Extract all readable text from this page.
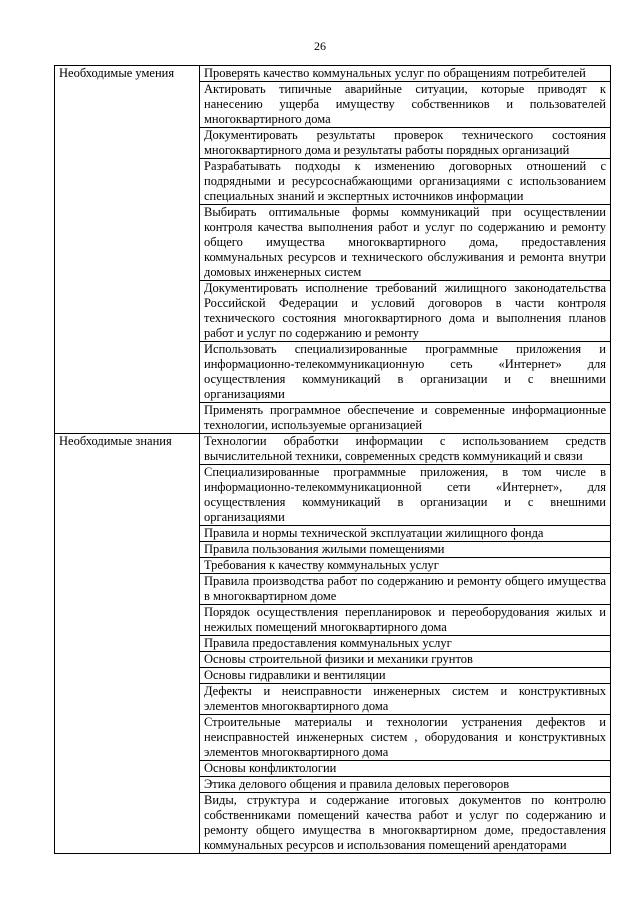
26
Необходимые умения	Проверять качество коммунальных услуг по обращениям потребителей
	Актировать типичные аварийные ситуации, которые приводят к нанесению ущерба имуществу собственников и пользователей многоквартирного дома
	Документировать результаты проверок технического состояния многоквартирного дома и результаты работы порядных организаций
	Разрабатывать подходы к изменению договорных отношений с подрядными и ресурсоснабжающими организациями с использованием специальных знаний и экспертных источников информации
	Выбирать оптимальные формы коммуникаций при осуществлении контроля качества выполнения работ и услуг по содержанию и ремонту общего имущества многоквартирного дома, предоставления коммунальных ресурсов и технического обслуживания и ремонта внутри домовых инженерных систем
	Документировать исполнение требований жилищного законодательства Российской Федерации и условий договоров в части контроля технического состояния многоквартирного дома и выполнения планов работ и услуг по содержанию и ремонту
	Использовать специализированные программные приложения и информационно-телекоммуникационную сеть «Интернет» для осуществления коммуникаций в организации и с внешними организациями
	Применять программное обеспечение и современные информационные технологии, используемые организацией
Необходимые знания	Технологии обработки информации с использованием средств вычислительной техники, современных средств коммуникаций и связи
	Специализированные программные приложения, в том числе в информационно-телекоммуникационной сети «Интернет», для осуществления коммуникаций в организации и с внешними организациями
	Правила и нормы технической эксплуатации жилищного фонда
	Правила пользования жилыми помещениями
	Требования к качеству коммунальных услуг
	Правила производства работ по содержанию и ремонту общего имущества в многоквартирном доме
	Порядок осуществления перепланировок и переоборудования жилых и нежилых помещений многоквартирного дома
	Правила предоставления коммунальных услуг
	Основы строительной физики и механики грунтов
	Основы гидравлики и вентиляции
	Дефекты и неисправности инженерных систем и конструктивных элементов многоквартирного дома
	Строительные материалы и технологии устранения дефектов и неисправностей инженерных систем , оборудования и конструктивных элементов многоквартирного дома
	Основы конфликтологии
	Этика делового общения и правила деловых переговоров
	Виды, структура и содержание итоговых документов по контролю собственниками помещений качества работ и услуг по содержанию и ремонту общего имущества в многоквартирном доме, предоставления коммунальных ресурсов и использования помещений арендаторами
